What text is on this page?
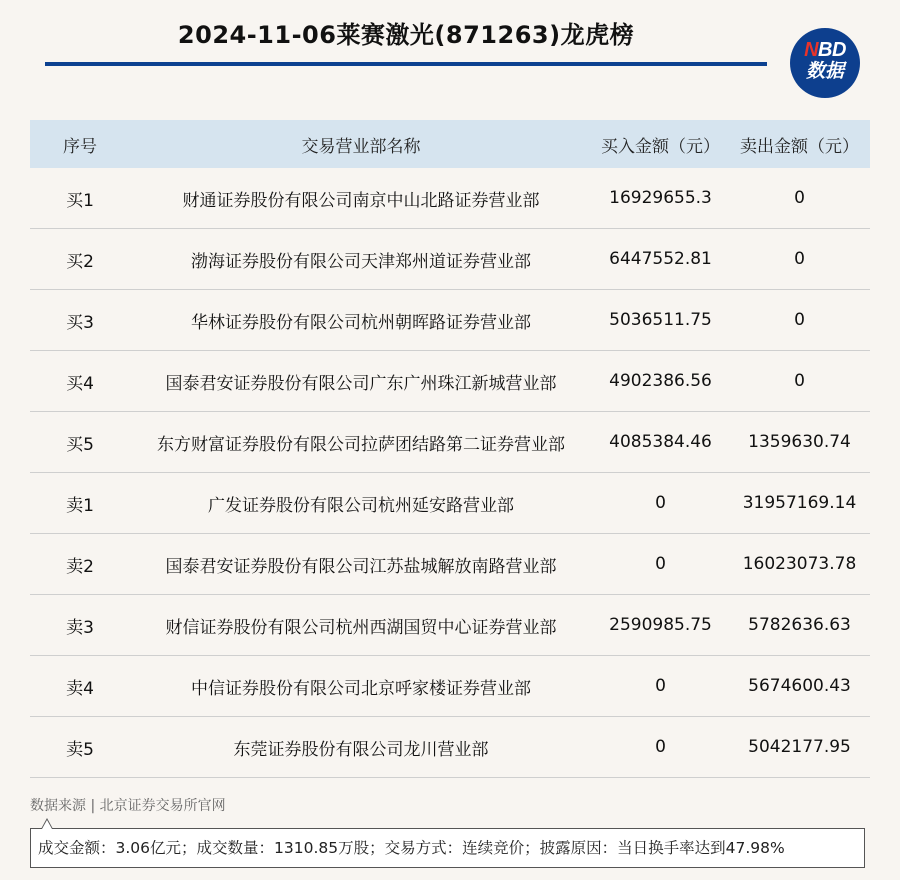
2024-11-06莱赛激光(871263)龙虎榜
NBD
数据
序号	交易营业部名称	买入金额（元）	卖出金额（元）
买1	财通证券股份有限公司南京中山北路证券营业部	16929655.3	0
买2	渤海证券股份有限公司天津郑州道证券营业部	6447552.81	0
买3	华林证券股份有限公司杭州朝晖路证券营业部	5036511.75	0
买4	国泰君安证券股份有限公司广东广州珠江新城营业部	4902386.56	0
买5	东方财富证券股份有限公司拉萨团结路第二证券营业部	4085384.46	1359630.74
卖1	广发证券股份有限公司杭州延安路营业部	0	31957169.14
卖2	国泰君安证券股份有限公司江苏盐城解放南路营业部	0	16023073.78
卖3	财信证券股份有限公司杭州西湖国贸中心证券营业部	2590985.75	5782636.63
卖4	中信证券股份有限公司北京呼家楼证券营业部	0	5674600.43
卖5	东莞证券股份有限公司龙川营业部	0	5042177.95
数据来源 | 北京证券交易所官网
成交金额：3.06亿元；成交数量：1310.85万股；交易方式：连续竞价；披露原因：当日换手率达到47.98%
